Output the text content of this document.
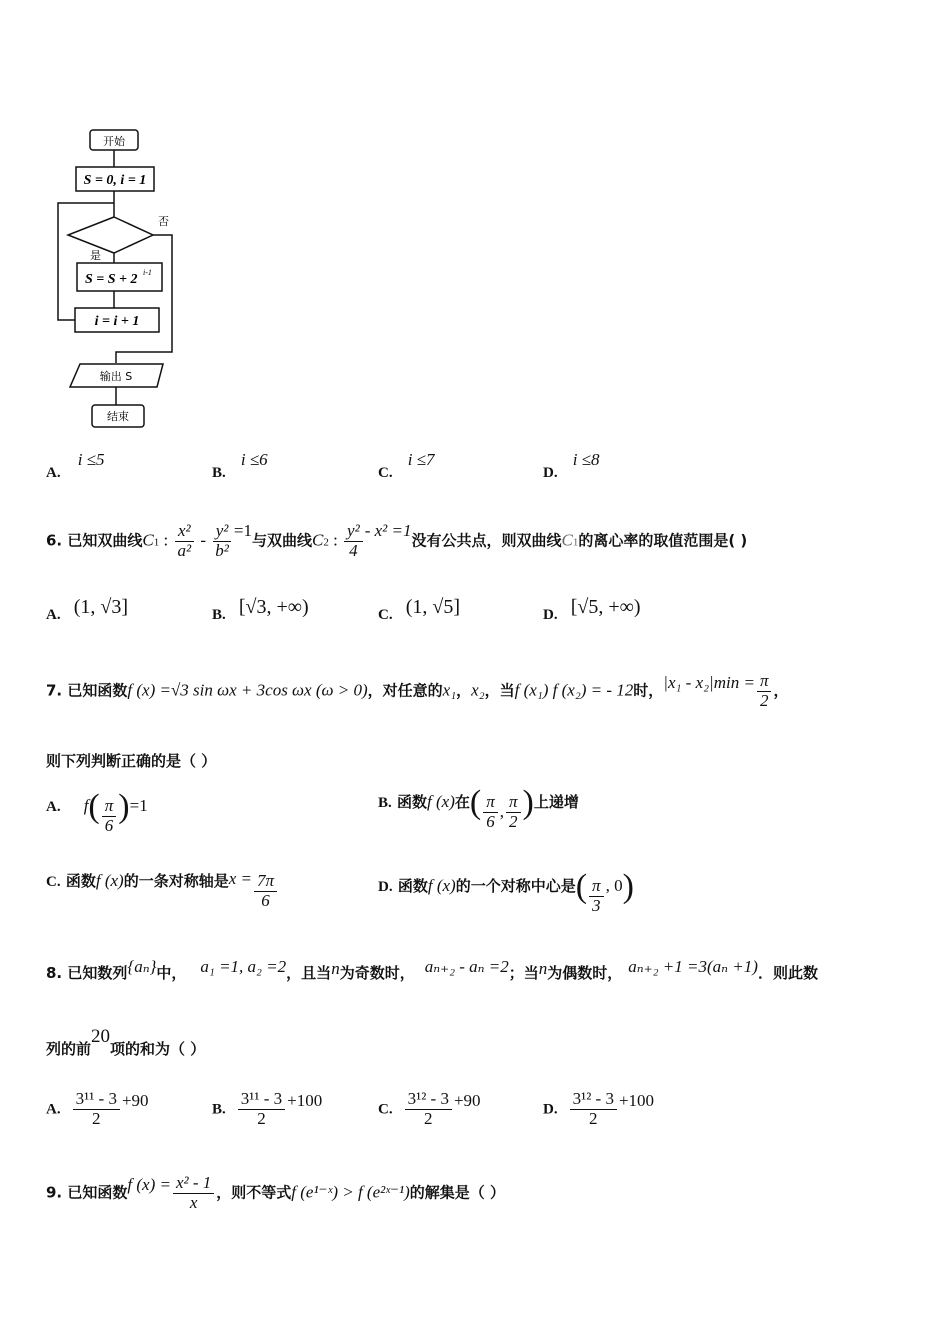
开始
S = 0, i = 1
否
是
S = S + 2 i-1
i = i + 1
输出 S
结束
A. i ≤5
B. i ≤6
C. i ≤7
D. i ≤8
6. 已知双曲线C1 : $\frac{\text{x²}}{\text{a²}} - \frac{\text{y²}}{\text{b²}} =1$与双曲线C2 : $\frac{\text{y²}}{4} - x^2 =1$没有公共点，则双曲线C1的离心率的取值范围是( )
A. (1, √3]	B. [√3, +∞)	C. (1, √5]	D. [√5, +∞)
7. 已知函数f (x) =√3 sin ωx + 3cos ωx (ω > 0)，对任意的x₁，x₂，当f (x₁) f (x₂) = - 12时，$|x_1 - x_2|\min = \frac{\pi}{2}$ ，
则下列判断正确的是（ ）
A. $f( \frac{\pi}{6} )=1$	B. 函数f (x)在( $\frac{\pi}{6}$ , $\frac{\pi}{2}$ )上递增
C. 函数f (x)的一条对称轴是$x = \frac{7\pi}{6}$	D. 函数f (x)的一个对称中心是( $\frac{\pi}{3}$ , 0)
8. 已知数列{aₙ}中， a₁ =1, a₂ =2，且当n为奇数时， aₙ₊₂ - aₙ =2；当n为偶数时， aₙ₊₂ +1 =3(aₙ +1)．则此数
列的前20项的和为（ ）
A. $\frac{\text{3¹¹ - 3}}{2} +90$	B. $\frac{\text{3¹¹ - 3}}{2} +100$	C. $\frac{\text{3¹² - 3}}{2} +90$	D. $\frac{\text{3¹² - 3}}{2} +100$
9. 已知函数f $(x) = \frac{\text{x² - 1}}{x}$ ，则不等式f (e¹⁻ˣ) > f (e²ˣ⁻¹)的解集是（ ）
